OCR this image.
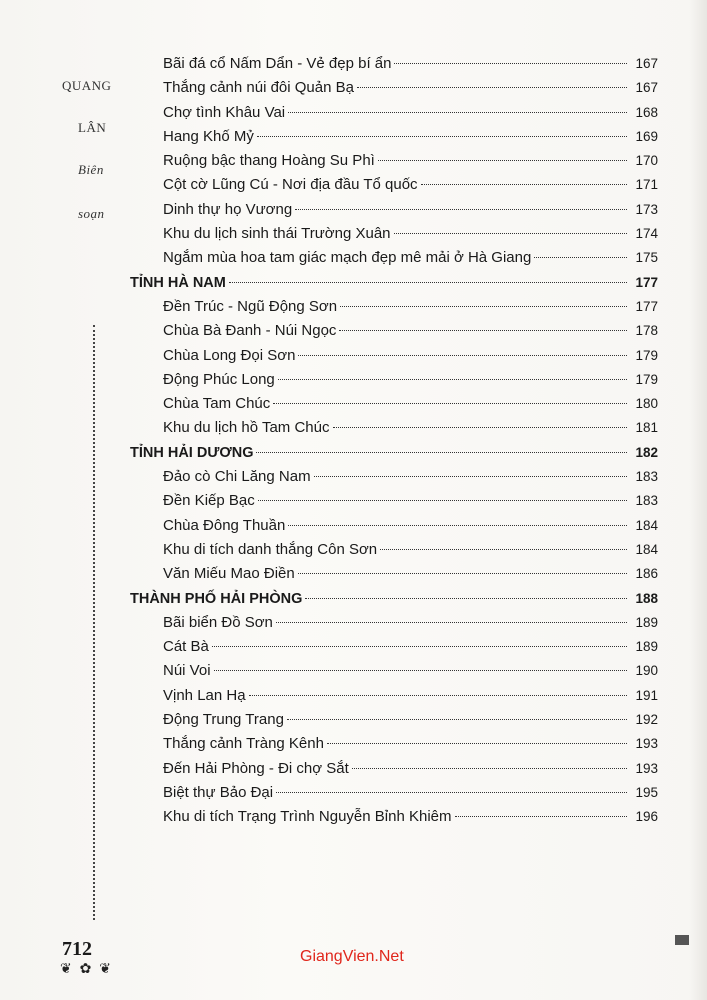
QUANG
LÂN
Biên
soạn
Bãi đá cổ Nấm Dẩn - Vẻ đẹp bí ẩn	167
Thắng cảnh núi đôi Quản Bạ	167
Chợ tình Khâu Vai	168
Hang Khố Mỷ	169
Ruộng bậc thang Hoàng Su Phì	170
Cột cờ Lũng Cú - Nơi địa đầu Tổ quốc	171
Dinh thự họ Vương	173
Khu du lịch sinh thái Trường Xuân	174
Ngắm mùa hoa tam giác mạch đẹp mê mải ở Hà Giang	175
TỈNH HÀ NAM	177
Đền Trúc - Ngũ Động Sơn	177
Chùa Bà Đanh - Núi Ngọc	178
Chùa Long Đọi Sơn	179
Động Phúc Long	179
Chùa Tam Chúc	180
Khu du lịch hồ Tam Chúc	181
TỈNH HẢI DƯƠNG	182
Đảo cò Chi Lăng Nam	183
Đền Kiếp Bạc	183
Chùa Đông Thuần	184
Khu di tích danh thắng Côn Sơn	184
Văn Miếu Mao Điền	186
THÀNH PHỐ HẢI PHÒNG	188
Bãi biển Đồ Sơn	189
Cát Bà	189
Núi Voi	190
Vịnh Lan Hạ	191
Động Trung Trang	192
Thắng cảnh Tràng Kênh	193
Đến Hải Phòng - Đi chợ Sắt	193
Biệt thự Bảo Đại	195
Khu di tích Trạng Trình Nguyễn Bỉnh Khiêm	196
712
❦ ✿ ❦
GiangVien.Net
